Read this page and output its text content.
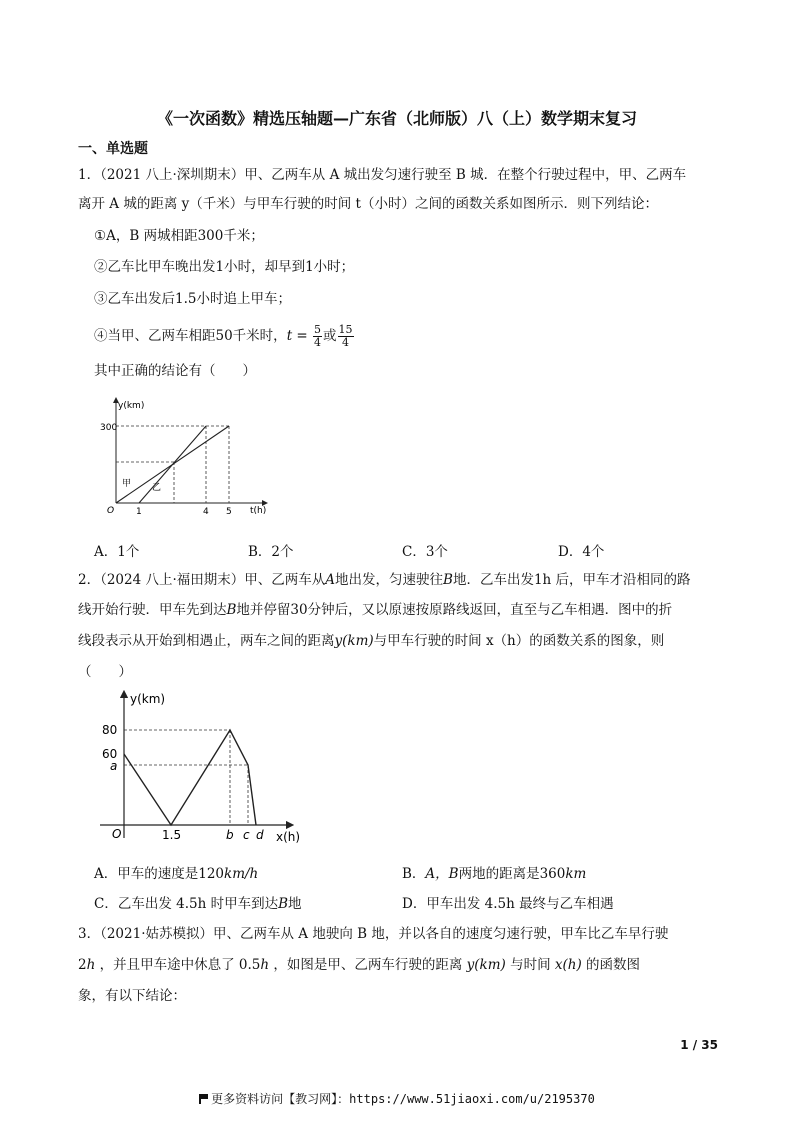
《一次函数》精选压轴题—广东省（北师版）八（上）数学期末复习
一、单选题
1．（2021 八上·深圳期末）甲、乙两车从 A 城出发匀速行驶至 B 城．在整个行驶过程中，甲、乙两车
离开 A 城的距离 y（千米）与甲车行驶的时间 t（小时）之间的函数关系如图所示．则下列结论：
①A，B 两城相距300千米；
②乙车比甲车晚出发1小时，却早到1小时；
③乙车出发后1.5小时追上甲车；
④当甲、乙两车相距50千米时，$t = \frac{5}{4}$ 或 $\frac{15}{4}$
其中正确的结论有（　　）
y(km)
t(h)
300
O 1	4 5
甲 乙
A．1个	B．2个	C．3个	D．4个
2．（2024 八上·福田期末）甲、乙两车从A地出发，匀速驶往B地．乙车出发1h 后，甲车才沿相同的路
线开始行驶．甲车先到达B地并停留30分钟后，又以原速按原路线返回，直至与乙车相遇．图中的折
线段表示从开始到相遇止，两车之间的距离y(km)与甲车行驶的时间 x（h）的函数关系的图象，则
（　　）
y(km)
x(h)
80
60
a
O	1.5	b c d
A．甲车的速度是120km/h	B．A，B两地的距离是360km
C．乙车出发 4.5h 时甲车到达B地	D．甲车出发 4.5h 最终与乙车相遇
3．（2021·姑苏模拟）甲、乙两车从 A 地驶向 B 地，并以各自的速度匀速行驶，甲车比乙车早行驶
2h ，并且甲车途中休息了 0.5h ，如图是甲、乙两车行驶的距离 y(km) 与时间 x(h) 的函数图
象，有以下结论：
1 / 35
更多资料访问【教习网】：https://www.51jiaoxi.com/u/2195370
